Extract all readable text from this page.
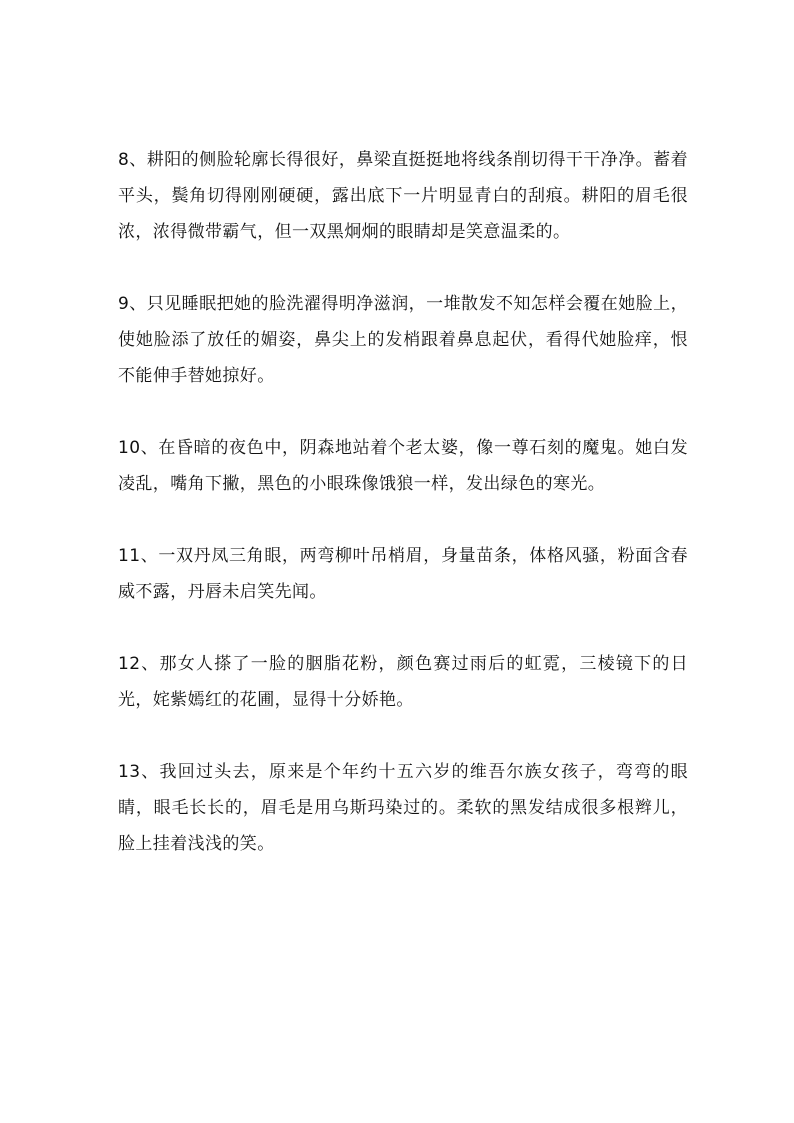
8、耕阳的侧脸轮廓长得很好，鼻梁直挺挺地将线条削切得干干净净。蓄着平头，鬓角切得刚刚硬硬，露出底下一片明显青白的刮痕。耕阳的眉毛很浓，浓得微带霸气，但一双黑炯炯的眼睛却是笑意温柔的。

9、只见睡眠把她的脸洗濯得明净滋润，一堆散发不知怎样会覆在她脸上，使她脸添了放任的媚姿，鼻尖上的发梢跟着鼻息起伏，看得代她脸痒，恨不能伸手替她掠好。

10、在昏暗的夜色中，阴森地站着个老太婆，像一尊石刻的魔鬼。她白发凌乱，嘴角下撇，黑色的小眼珠像饿狼一样，发出绿色的寒光。

11、一双丹凤三角眼，两弯柳叶吊梢眉，身量苗条，体格风骚，粉面含春威不露，丹唇未启笑先闻。

12、那女人搽了一脸的胭脂花粉，颜色赛过雨后的虹霓，三棱镜下的日光，姹紫嫣红的花圃，显得十分娇艳。

13、我回过头去，原来是个年约十五六岁的维吾尔族女孩子，弯弯的眼睛，眼毛长长的，眉毛是用乌斯玛染过的。柔软的黑发结成很多根辫儿，脸上挂着浅浅的笑。
